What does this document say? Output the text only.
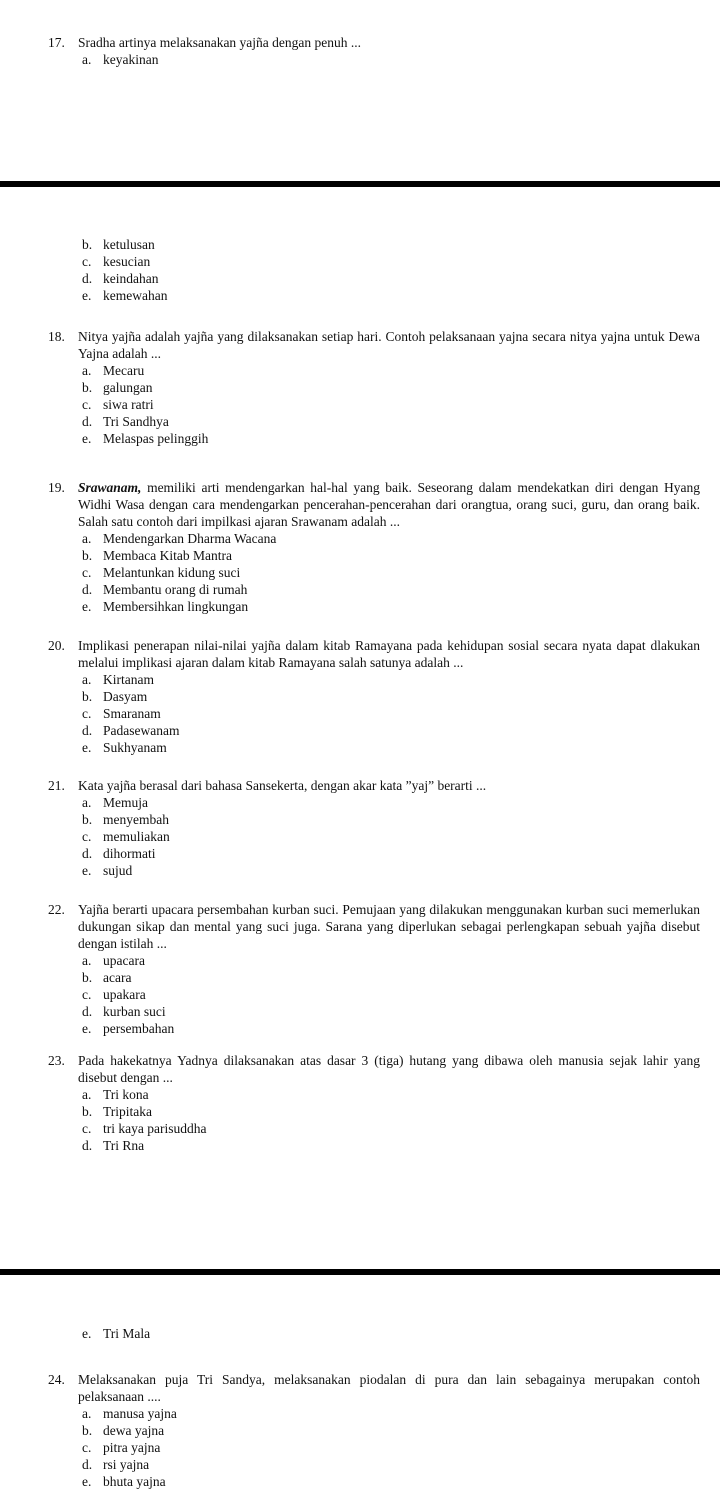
17. Sradha artinya melaksanakan yajña dengan penuh ...
a. keyakinan
b. ketulusan
c. kesucian
d. keindahan
e. kemewahan
18. Nitya yajña adalah yajña yang dilaksanakan setiap hari. Contoh pelaksanaan yajna secara nitya yajna untuk Dewa Yajna adalah ...
a. Mecaru
b. galungan
c. siwa ratri
d. Tri Sandhya
e. Melaspas pelinggih
19. Srawanam, memiliki arti mendengarkan hal-hal yang baik. Seseorang dalam mendekatkan diri dengan Hyang Widhi Wasa dengan cara mendengarkan pencerahan-pencerahan dari orangtua, orang suci, guru, dan orang baik. Salah satu contoh dari impilkasi ajaran Srawanam adalah ...
a. Mendengarkan Dharma Wacana
b. Membaca Kitab Mantra
c. Melantunkan kidung suci
d. Membantu orang di rumah
e. Membersihkan lingkungan
20. Implikasi penerapan nilai-nilai yajña dalam kitab Ramayana pada kehidupan sosial secara nyata dapat dlakukan melalui implikasi ajaran dalam kitab Ramayana salah satunya adalah ...
a. Kirtanam
b. Dasyam
c. Smaranam
d. Padasewanam
e. Sukhyanam
21. Kata yajña berasal dari bahasa Sansekerta, dengan akar kata ”yaj” berarti ...
a. Memuja
b. menyembah
c. memuliakan
d. dihormati
e. sujud
22. Yajña berarti upacara persembahan kurban suci. Pemujaan yang dilakukan menggunakan kurban suci memerlukan dukungan sikap dan mental yang suci juga. Sarana yang diperlukan sebagai perlengkapan sebuah yajña disebut dengan istilah ...
a. upacara
b. acara
c. upakara
d. kurban suci
e. persembahan
23. Pada hakekatnya Yadnya dilaksanakan atas dasar 3 (tiga) hutang yang dibawa oleh manusia sejak lahir yang disebut dengan ...
a. Tri kona
b. Tripitaka
c. tri kaya parisuddha
d. Tri Rna
e. Tri Mala
24. Melaksanakan puja Tri Sandya, melaksanakan piodalan di pura dan lain sebagainya merupakan contoh pelaksanaan ....
a. manusa yajna
b. dewa yajna
c. pitra yajna
d. rsi yajna
e. bhuta yajna
